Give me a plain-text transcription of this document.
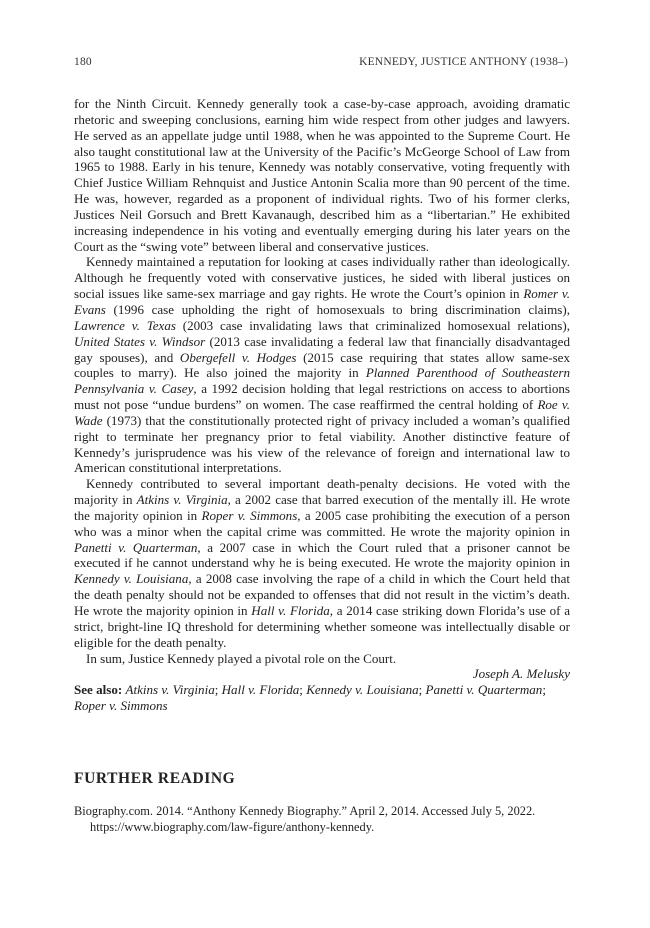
180	KENNEDY, JUSTICE ANTHONY (1938–)

for the Ninth Circuit. Kennedy generally took a case-by-case approach, avoiding dramatic rhetoric and sweeping conclusions, earning him wide respect from other judges and lawyers. He served as an appellate judge until 1988, when he was appointed to the Supreme Court. He also taught constitutional law at the University of the Pacific’s McGeorge School of Law from 1965 to 1988. Early in his tenure, Kennedy was notably conservative, voting frequently with Chief Justice William Rehnquist and Justice Antonin Scalia more than 90 percent of the time. He was, however, regarded as a proponent of individual rights. Two of his former clerks, Justices Neil Gorsuch and Brett Kavanaugh, described him as a “libertarian.” He exhibited increasing independence in his voting and eventually emerging during his later years on the Court as the “swing vote” between liberal and conservative justices.

Kennedy maintained a reputation for looking at cases individually rather than ideologically. Although he frequently voted with conservative justices, he sided with liberal justices on social issues like same-sex marriage and gay rights. He wrote the Court’s opinion in Romer v. Evans (1996 case upholding the right of homosexuals to bring discrimination claims), Lawrence v. Texas (2003 case invalidating laws that criminalized homosexual relations), United States v. Windsor (2013 case invalidating a federal law that financially disadvantaged gay spouses), and Obergefell v. Hodges (2015 case requiring that states allow same-sex couples to marry). He also joined the majority in Planned Parenthood of Southeastern Pennsylvania v. Casey, a 1992 decision holding that legal restrictions on access to abortions must not pose “undue burdens” on women. The case reaffirmed the central holding of Roe v. Wade (1973) that the constitutionally protected right of privacy included a woman’s qualified right to terminate her pregnancy prior to fetal viability. Another distinctive feature of Kennedy’s jurisprudence was his view of the relevance of foreign and international law to American constitutional interpretations.

Kennedy contributed to several important death-penalty decisions. He voted with the majority in Atkins v. Virginia, a 2002 case that barred execution of the mentally ill. He wrote the majority opinion in Roper v. Simmons, a 2005 case prohibiting the execution of a person who was a minor when the capital crime was committed. He wrote the majority opinion in Panetti v. Quarterman, a 2007 case in which the Court ruled that a prisoner cannot be executed if he cannot understand why he is being executed. He wrote the majority opinion in Kennedy v. Louisiana, a 2008 case involving the rape of a child in which the Court held that the death penalty should not be expanded to offenses that did not result in the victim’s death. He wrote the majority opinion in Hall v. Florida, a 2014 case striking down Florida’s use of a strict, bright-line IQ threshold for determining whether someone was intellectually disable or eligible for the death penalty.

In sum, Justice Kennedy played a pivotal role on the Court.

Joseph A. Melusky

See also: Atkins v. Virginia; Hall v. Florida; Kennedy v. Louisiana; Panetti v. Quarterman; Roper v. Simmons

FURTHER READING

Biography.com. 2014. “Anthony Kennedy Biography.” April 2, 2014. Accessed July 5, 2022. https://www.biography.com/law-figure/anthony-kennedy.
